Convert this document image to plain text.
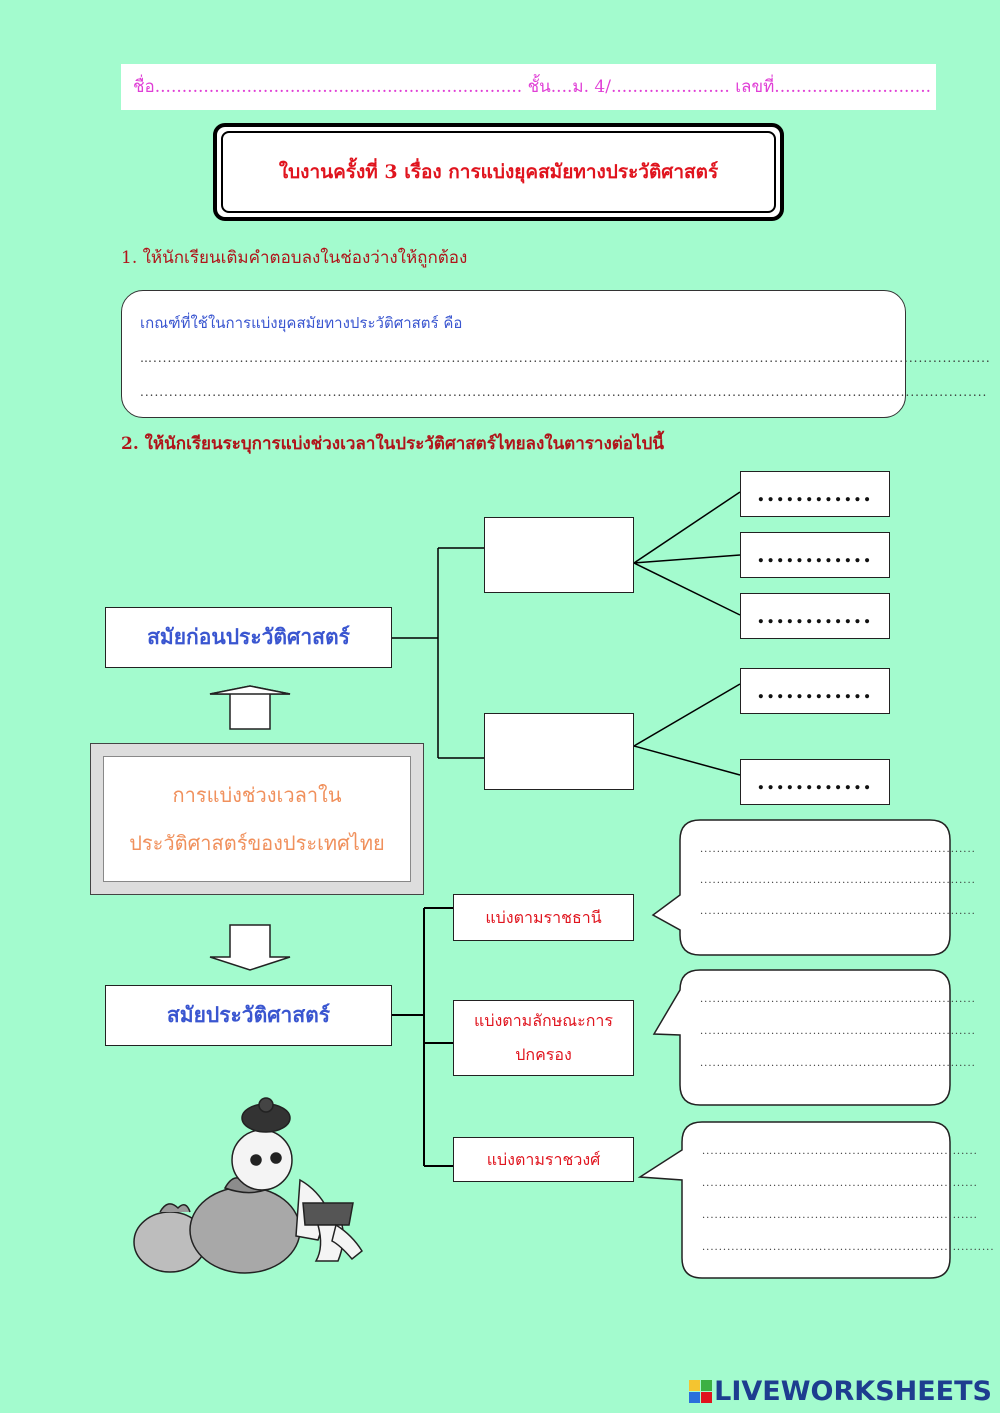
ชื่อ.................................................................... ชั้น....ม. 4/...................... เลขที่.............................
ใบงานครั้งที่ 3 เรื่อง การแบ่งยุคสมัยทางประวัติศาสตร์
1. ให้นักเรียนเติมคำตอบลงในช่องว่างให้ถูกต้อง
เกณฑ์ที่ใช้ในการแบ่งยุคสมัยทางประวัติศาสตร์ คือ
…..............................................................................................................................................................................
................................................................................................................................................................................
2. ให้นักเรียนระบุการแบ่งช่วงเวลาในประวัติศาสตร์ไทยลงในตารางต่อไปนี้
สมัยก่อนประวัติศาสตร์
สมัยประวัติศาสตร์
............
............
............
............
............
การแบ่งช่วงเวลาใน
ประวัติศาสตร์ของประเทศไทย
แบ่งตามราชธานี
แบ่งตามลักษณะการ
ปกครอง
แบ่งตามราชวงศ์
..................................................................
..................................................................
..................................................................
..................................................................
..................................................................
..................................................................
..................................................................
..................................................................
..................................................................
......................................................................
LIVEWORKSHEETS
